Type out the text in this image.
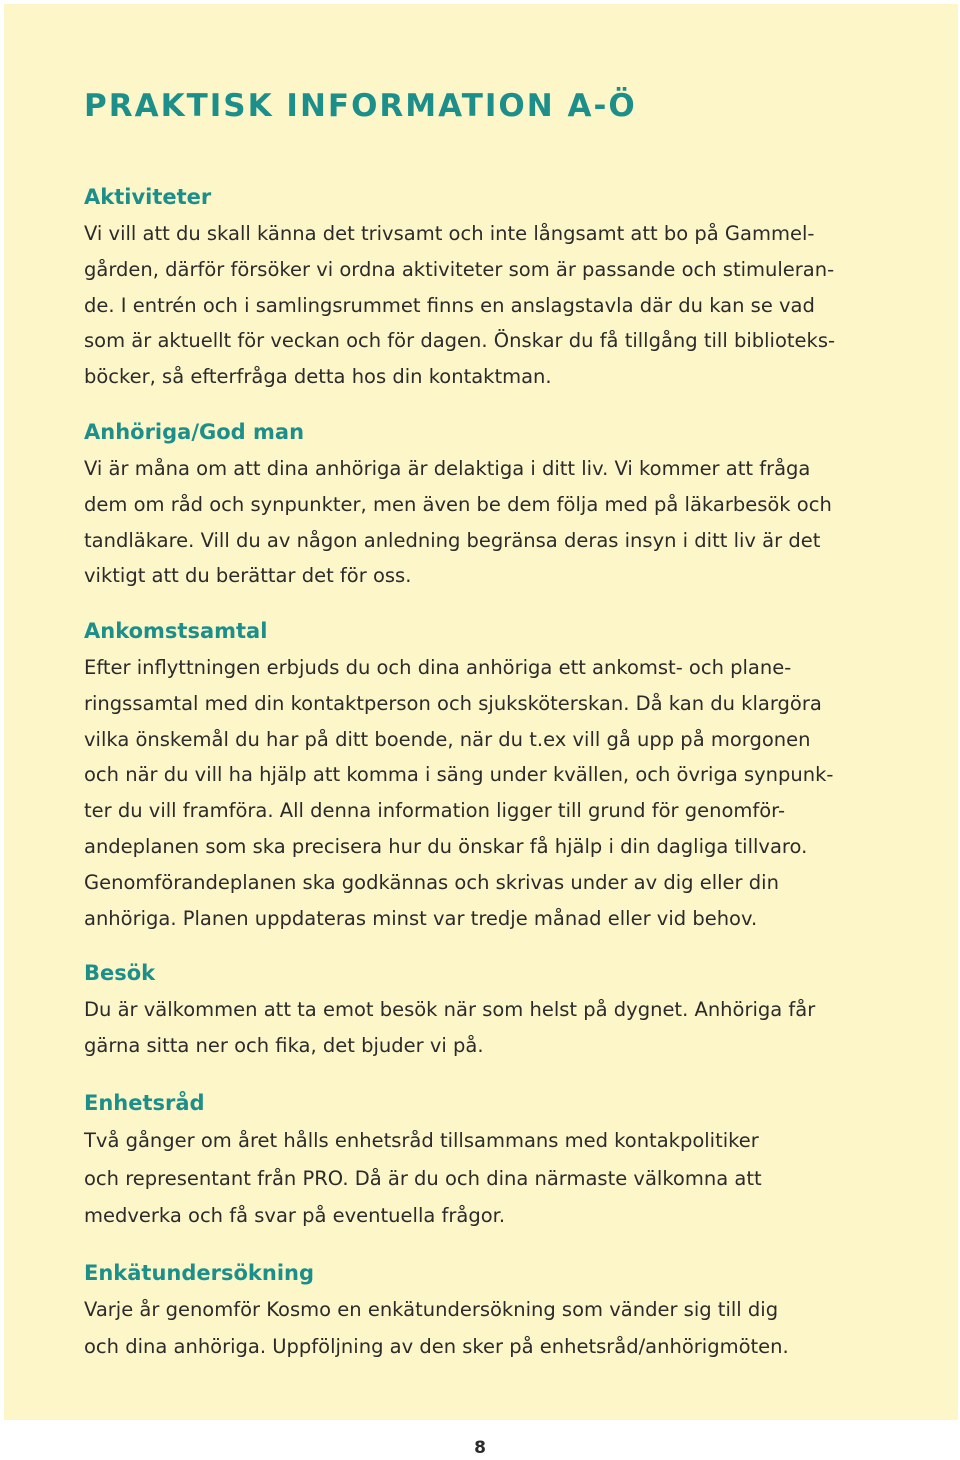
PRAKTISK INFORMATION A-Ö
Aktiviteter
Vi vill att du skall känna det trivsamt och inte långsamt att bo på Gammel-
gården, därför försöker vi ordna aktiviteter som är passande och stimuleran-
de. I entrén och i samlingsrummet finns en anslagstavla där du kan se vad
som är aktuellt för veckan och för dagen. Önskar du få tillgång till biblioteks-
böcker, så efterfråga detta hos din kontaktman.
Anhöriga/God man
Vi är måna om att dina anhöriga är delaktiga i ditt liv. Vi kommer att fråga
dem om råd och synpunkter, men även be dem följa med på läkarbesök och
tandläkare. Vill du av någon anledning begränsa deras insyn i ditt liv är det
viktigt att du berättar det för oss.
Ankomstsamtal
Efter inflyttningen erbjuds du och dina anhöriga ett ankomst- och plane-
ringssamtal med din kontaktperson och sjuksköterskan. Då kan du klargöra
vilka önskemål du har på ditt boende, när du t.ex vill gå upp på morgonen
och när du vill ha hjälp att komma i säng under kvällen, och övriga synpunk-
ter du vill framföra. All denna information ligger till grund för genomför-
andeplanen som ska precisera hur du önskar få hjälp i din dagliga tillvaro.
Genomförandeplanen ska godkännas och skrivas under av dig eller din
anhöriga. Planen uppdateras minst var tredje månad eller vid behov.
Besök
Du är välkommen att ta emot besök när som helst på dygnet. Anhöriga får
gärna sitta ner och fika, det bjuder vi på.
Enhetsråd
Två gånger om året hålls enhetsråd tillsammans med kontakpolitiker
och representant från PRO. Då är du och dina närmaste välkomna att
medverka och få svar på eventuella frågor.
Enkätundersökning
Varje år genomför Kosmo en enkätundersökning som vänder sig till dig
och dina anhöriga. Uppföljning av den sker på enhetsråd/anhörigmöten.
8
